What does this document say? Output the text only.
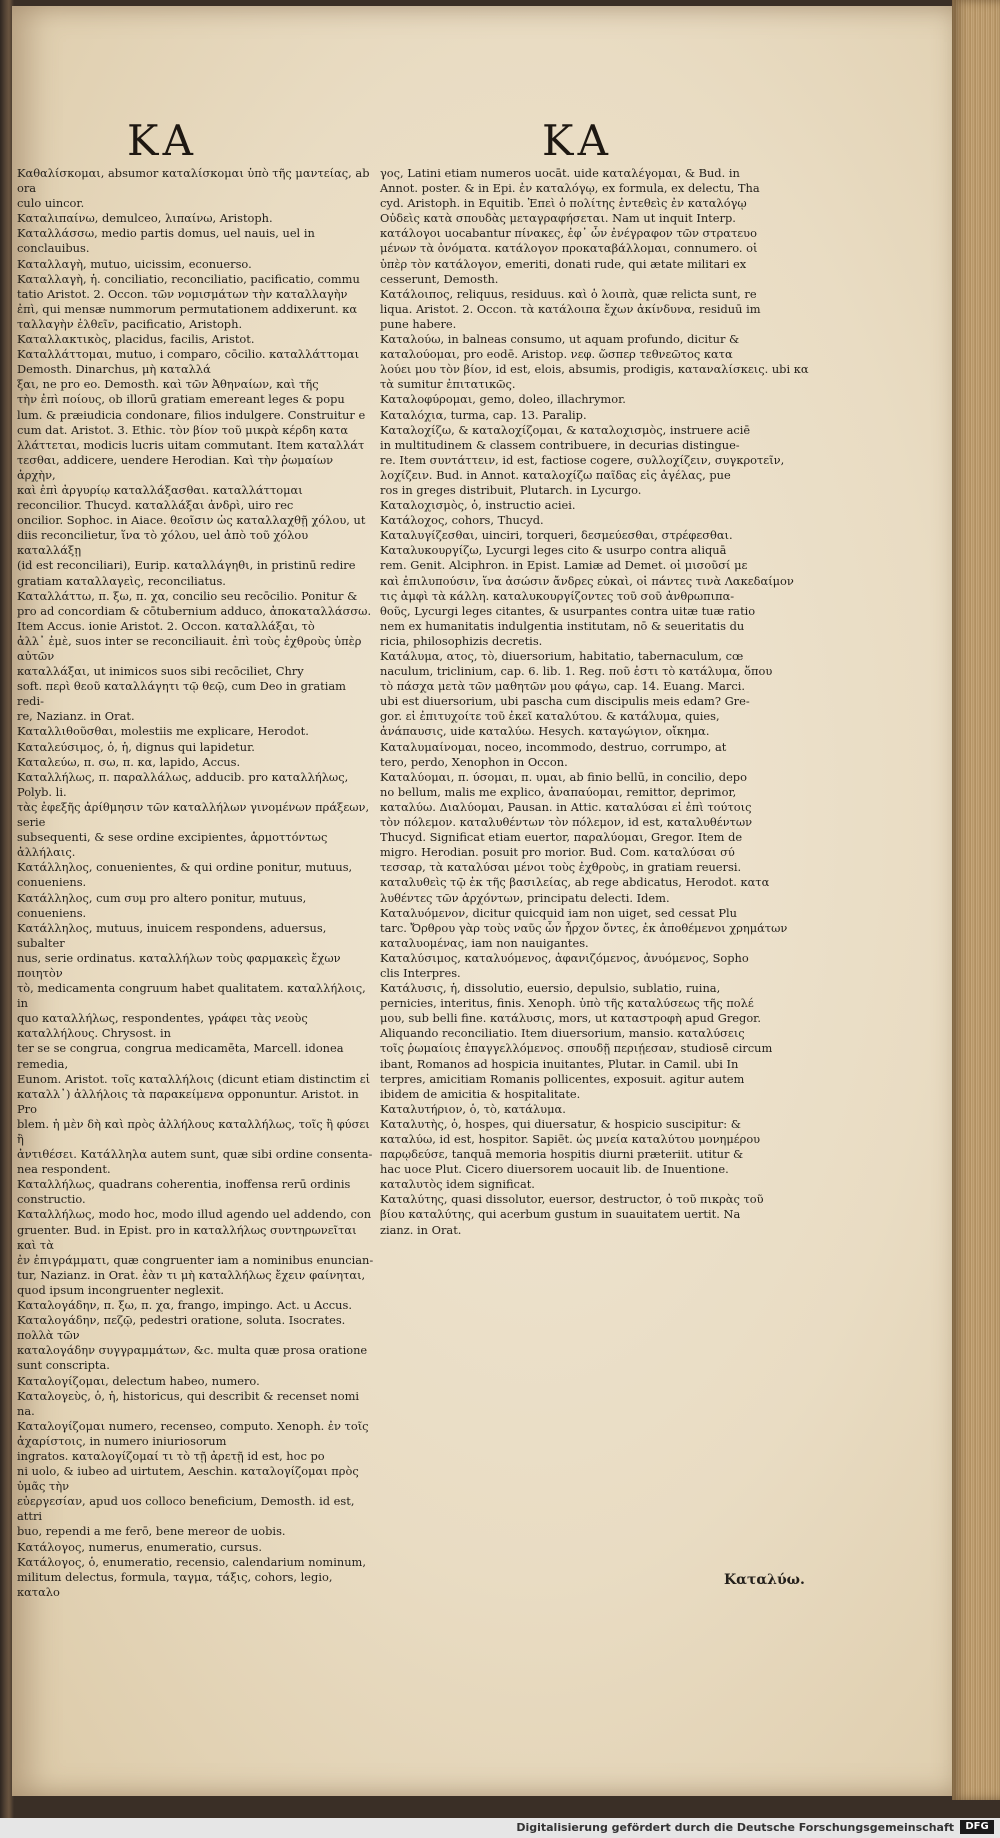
KA	KA
Καθαλίσκομαι, absumor καταλίσκομαι ὑπὸ τῆς μαντείας, ab ora
culo uincor.
Καταλιπαίνω, demulceo, λιπαίνω, Aristoph.
Καταλλάσσω, medio partis domus, uel nauis, uel in
conclauibus.
Καταλλαγὴ, mutuo, uicissim, econuerso.
Καταλλαγὴ, ἡ. conciliatio, reconciliatio, pacificatio, commu
tatio Aristot. 2. Occon. τῶν νομισμάτων τὴν καταλλαγὴν
ἐπὶ, qui mensæ nummorum permutationem addixerunt. κα
ταλλαγὴν ἐλθεῖν, pacificatio, Aristoph.
Καταλλακτικὸς, placidus, facilis, Aristot.
Καταλλάττομαι, mutuo, i comparo, cōcilio. καταλλάττομαι
Demosth. Dinarchus, μὴ καταλλά
ξαι, ne pro eo. Demosth. καὶ τῶν Ἀθηναίων, καὶ τῆς
τὴν ἐπὶ ποίους, ob illorū gratiam emereant leges & popu
lum. & præiudicia condonare, filios indulgere. Construitur e
cum dat. Aristot. 3. Ethic. τὸν βίον τοῦ μικρὰ κέρδη κατα
λλάττεται, modicis lucris uitam commutant. Item καταλλάτ
τεσθαι, addicere, uendere Herodian. Καὶ τὴν ῥωμαίων ἀρχὴν,
καὶ ἐπὶ ἀργυρίῳ καταλλάξασθαι. καταλλάττομαι
reconcilior. Thucyd. καταλλάξαι ἀνδρὶ, uiro rec
oncilior. Sophoc. in Aiace. θεοῖσιν ὡς καταλλαχθῇ χόλου, ut
diis reconcilietur, ἵνα τὸ χόλου, uel ἀπὸ τοῦ χόλου καταλλάξῃ
(id est reconciliari), Eurip. καταλλάγηθι, in pristinū redire
gratiam καταλλαγεὶς, reconciliatus.
Καταλλάττω, π. ξω, π. χα, concilio seu recōcilio. Ponitur &
pro ad concordiam & cōtubernium adduco, ἀποκαταλλάσσω.
Item Accus. ionie Aristot. 2. Occon. καταλλάξαι, τὸ
ἀλλ᾽ ἐμὲ, suos inter se reconciliauit. ἐπὶ τοὺς ἐχθροὺς ὑπὲρ αὐτῶν
καταλλάξαι, ut inimicos suos sibi recōciliet, Chry
soft. περὶ θεοῦ καταλλάγητι τῷ θεῷ, cum Deo in gratiam redi-
re, Nazianz. in Orat.
Καταλλιθοῦσθαι, molestiis me explicare, Herodot.
Καταλεύσιμος, ὁ, ἡ, dignus qui lapidetur.
Καταλεύω, π. σω, π. κα, lapido, Accus.
Καταλλήλως, π. παραλλάλως, adducib. pro καταλλήλως, Polyb. li.
τὰς ἐφεξῆς ἀρίθμησιν τῶν καταλλήλων γινομένων πράξεων, serie
subsequenti, & sese ordine excipientes, ἁρμοττόντως ἀλλήλαις.
Κατάλληλος, conuenientes, & qui ordine ponitur, mutuus, conueniens.
Κατάλληλος, cum συμ pro altero ponitur, mutuus, conueniens.
Κατάλληλος, mutuus, inuicem respondens, aduersus, subalter
nus, serie ordinatus. καταλλήλων τοὺς φαρμακεὶς ἔχων ποιητὸν
τὸ, medicamenta congruum habet qualitatem. καταλλήλοις, in
quo καταλλήλως, respondentes, γράφει τὰς νεοὺς καταλλήλους. Chrysost. in
ter se se congrua, congrua medicamēta, Marcell. idonea remedia,
Eunom. Aristot. τοῖς καταλλήλοις (dicunt etiam distinctim εἰ
καταλλ᾽) ἀλλήλοις τὰ παρακείμενα opponuntur. Aristot. in Pro
blem. ἡ μὲν δὴ καὶ πρὸς ἀλλήλους καταλλήλως, τοῖς ἢ φύσει ἢ
ἀντιθέσει. Κατάλληλα autem sunt, quæ sibi ordine consenta-
nea respondent.
Καταλλήλως, quadrans coherentia, inoffensa rerū ordinis
constructio.
Καταλλήλως, modo hoc, modo illud agendo uel addendo, con
gruenter. Bud. in Epist. pro in καταλλήλως συντηρωνεῖται καὶ τὰ
ἐν ἐπιγράμματι, quæ congruenter iam a nominibus enuncian-
tur, Nazianz. in Orat. ἐὰν τι μὴ καταλλήλως ἔχειν φαίνηται,
quod ipsum incongruenter neglexit.
Καταλογάδην, π. ξω, π. χα, frango, impingo. Act. u Accus.
Καταλογάδην, πεζῷ, pedestri oratione, soluta. Isocrates. πολλὰ τῶν
καταλογάδην συγγραμμάτων, &c. multa quæ prosa oratione
sunt conscripta.
Καταλογίζομαι, delectum habeo, numero.
Καταλογεὺς, ὁ, ἡ, historicus, qui describit & recenset nomi
na.
Καταλογίζομαι numero, recenseo, computo. Xenoph. ἐν τοῖς
ἀχαρίστοις, in numero iniuriosorum
ingratos. καταλογίζομαί τι τὸ τῇ ἀρετῇ id est, hoc po
ni uolo, & iubeo ad uirtutem, Aeschin. καταλογίζομαι πρὸς ὑμᾶς τὴν
εὐεργεσίαν, apud uos colloco beneficium, Demosth. id est, attri
buo, rependi a me ferō, bene mereor de uobis.
Κατάλογος, numerus, enumeratio, cursus.
Κατάλογος, ὁ, enumeratio, recensio, calendarium nominum,
militum delectus, formula, ταγμα, τάξις, cohors, legio, καταλο
γος, Latini etiam numeros uocāt. uide καταλέγομαι, & Bud. in
Annot. poster. & in Epi. ἐν καταλόγῳ, ex formula, ex delectu, Tha
cyd. Aristoph. in Equitib. Ἐπεὶ ὁ πολίτης ἐντεθεὶς ἐν καταλόγῳ
Οὐδεὶς κατὰ σπουδὰς μεταγραφήσεται. Nam ut inquit Interp.
κατάλογοι uocabantur πίνακες, ἐφ᾽ ὧν ἐνέγραφον τῶν στρατευο
μένων τὰ ὀνόματα. κατάλογον προκαταβάλλομαι, connumero. οἱ
ὑπὲρ τὸν κατάλογον, emeriti, donati rude, qui ætate militari ex
cesserunt, Demosth.
Κατάλοιπος, reliquus, residuus. καὶ ὁ λοιπὰ, quæ relicta sunt, re
liqua. Aristot. 2. Occon. τὰ κατάλοιπα ἔχων ἀκίνδυνα, residuū im
pune habere.
Καταλούω, in balneas consumo, ut aquam profundo, dicitur &
καταλούομαι, pro eodē. Aristop. νεφ. ὥσπερ τεθνεῶτος κατα
λούει μου τὸν βίον, id est, elois, absumis, prodigis, καταναλίσκεις. ubi κα
τὰ sumitur ἐπιτατικῶς.
Καταλοφύρομαι, gemo, doleo, illachrymor.
Καταλόχια, turma, cap. 13. Paralip.
Καταλοχίζω, & καταλοχίζομαι, & καταλοχισμὸς, instruere aciē
in multitudinem & classem contribuere, in decurias distingue-
re. Item συντάττειν, id est, factiose cogere, συλλοχίζειν, συγκροτεῖν,
λοχίζειν. Bud. in Annot. καταλοχίζω παῖδας εἰς ἀγέλας, pue
ros in greges distribuit, Plutarch. in Lycurgo.
Καταλοχισμὸς, ὁ, instructio aciei.
Κατάλοχος, cohors, Thucyd.
Καταλυγίζεσθαι, uinciri, torqueri, δεσμεύεσθαι, στρέφεσθαι.
Καταλυκουργίζω, Lycurgi leges cito & usurpo contra aliquā
rem. Genit. Alciphron. in Epist. Lamiæ ad Demet. οἱ μισοῦσί με
καὶ ἐπιλυπούσιν, ἵνα ἀσώσιν ἄνδρες εὐκαὶ, οἱ πάντες τινὰ Λακεδαίμον
τις ἀμφὶ τὰ κάλλη. καταλυκουργίζοντες τοῦ σοῦ ἀνθρωπιπα-
θοῦς, Lycurgi leges citantes, & usurpantes contra uitæ tuæ ratio
nem ex humanitatis indulgentia institutam, nō & seueritatis du
ricia, philosophizis decretis.
Κατάλυμα, ατος, τὸ, diuersorium, habitatio, tabernaculum, cœ
naculum, triclinium, cap. 6. lib. 1. Reg. ποῦ ἐστι τὸ κατάλυμα, ὅπου
τὸ πάσχα μετὰ τῶν μαθητῶν μου φάγω, cap. 14. Euang. Marci.
ubi est diuersorium, ubi pascha cum discipulis meis edam? Gre-
gor. εἰ ἐπιτυχοίτε τοῦ ἐκεῖ καταλύτου. & κατάλυμα, quies,
ἀνάπαυσις, uide καταλύω. Hesych. καταγώγιον, οἴκημα.
Καταλυμαίνομαι, noceo, incommodo, destruo, corrumpo, at
tero, perdo, Xenophon in Occon.
Καταλύομαι, π. ύσομαι, π. υμαι, ab finio bellū, in concilio, depo
no bellum, malis me explico, ἀναπαύομαι, remittor, deprimor,
καταλύω. Διαλύομαι, Pausan. in Attic. καταλύσαι εἰ ἐπὶ τούτοις
τὸν πόλεμον. καταλυθέντων τὸν πόλεμον, id est, καταλυθέντων
Thucyd. Significat etiam euertor, παραλύομαι, Gregor. Item de
migro. Herodian. posuit pro morior. Bud. Com. καταλύσαι σύ
τεσσαρ, τὰ καταλύσαι μένοι τοὺς ἐχθροὺς, in gratiam reuersi.
καταλυθεὶς τῷ ἐκ τῆς βασιλείας, ab rege abdicatus, Herodot. κατα
λυθέντες τῶν ἀρχόντων, principatu delecti. Idem.
Καταλυόμενον, dicitur quicquid iam non uiget, sed cessat Plu
tarc. Ὄρθρου γὰρ τοὺς ναῦς ὧν ἦρχον ὄντες, ἐκ ἀποθέμενοι χρημάτων
καταλυομένας, iam non nauigantes.
Καταλύσιμος, καταλυόμενος, ἀφανιζόμενος, ἀνυόμενος, Sopho
clis Interpres.
Κατάλυσις, ἡ, dissolutio, euersio, depulsio, sublatio, ruina,
pernicies, interitus, finis. Xenoph. ὑπὸ τῆς καταλύσεως τῆς πολέ
μου, sub belli fine. κατάλυσις, mors, ut καταστροφὴ apud Gregor.
Aliquando reconciliatio. Item diuersorium, mansio. καταλύσεις
τοῖς ῥωμαίοις ἐπαγγελλόμενος. σπουδῇ περιῄεσαν, studiosē circum
ibant, Romanos ad hospicia inuitantes, Plutar. in Camil. ubi In
terpres, amicitiam Romanis pollicentes, exposuit. agitur autem
ibidem de amicitia & hospitalitate.
Καταλυτήριον, ὁ, τὸ, κατάλυμα.
Καταλυτὴς, ὁ, hospes, qui diuersatur, & hospicio suscipitur: &
καταλύω, id est, hospitor. Sapiēt. ὡς μνεία καταλύτου μονημέρου
παρῳδεύσε, tanquā memoria hospitis diurni præteriit. utitur &
hac uoce Plut. Cicero diuersorem uocauit lib. de Inuentione.
καταλυτὸς idem significat.
Καταλύτης, quasi dissolutor, euersor, destructor, ὁ τοῦ πικρὰς τοῦ
βίου καταλύτης, qui acerbum gustum in suauitatem uertit. Na
zianz. in Orat.
Καταλύω.
Digitalisierung gefördert durch die Deutsche Forschungsgemeinschaft	DFG
